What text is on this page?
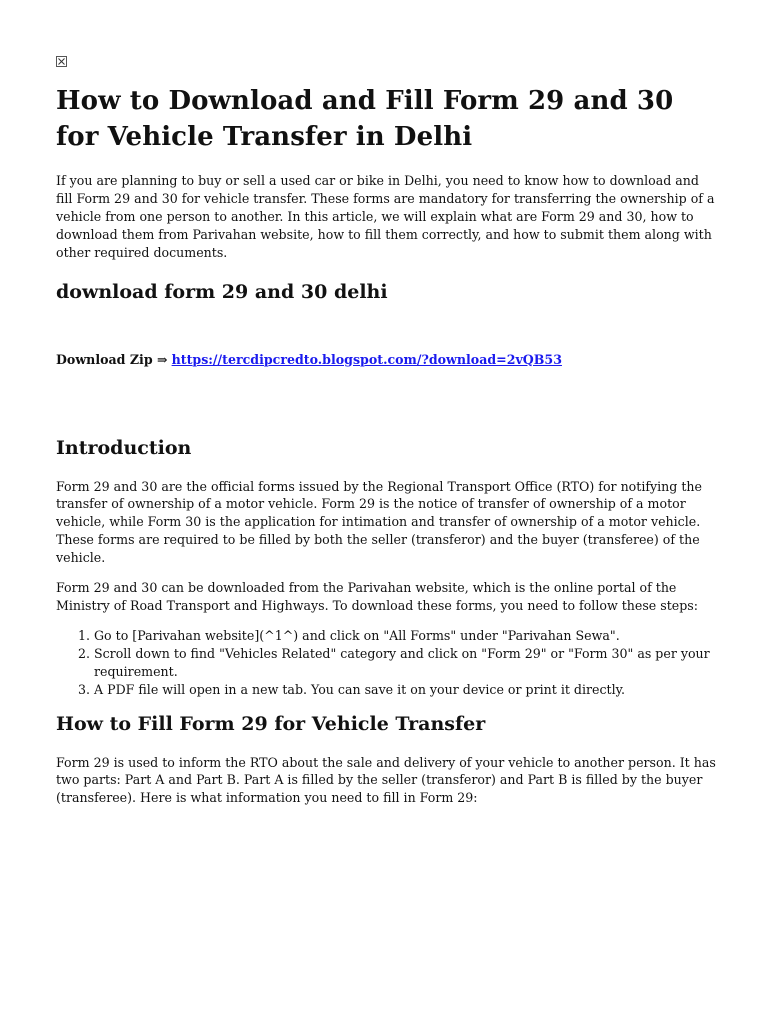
How to Download and Fill Form 29 and 30 for Vehicle Transfer in Delhi

If you are planning to buy or sell a used car or bike in Delhi, you need to know how to download and fill Form 29 and 30 for vehicle transfer. These forms are mandatory for transferring the ownership of a vehicle from one person to another. In this article, we will explain what are Form 29 and 30, how to download them from Parivahan website, how to fill them correctly, and how to submit them along with other required documents.

download form 29 and 30 delhi
Download Zip ⇒ https://tercdipcredto.blogspot.com/?download=2vQB53
Introduction

Form 29 and 30 are the official forms issued by the Regional Transport Office (RTO) for notifying the transfer of ownership of a motor vehicle. Form 29 is the notice of transfer of ownership of a motor vehicle, while Form 30 is the application for intimation and transfer of ownership of a motor vehicle. These forms are required to be filled by both the seller (transferor) and the buyer (transferee) of the vehicle.

Form 29 and 30 can be downloaded from the Parivahan website, which is the online portal of the Ministry of Road Transport and Highways. To download these forms, you need to follow these steps:

1. Go to [Parivahan website](^1^) and click on "All Forms" under "Parivahan Sewa".
2. Scroll down to find "Vehicles Related" category and click on "Form 29" or "Form 30" as per your requirement.
3. A PDF file will open in a new tab. You can save it on your device or print it directly.
How to Fill Form 29 for Vehicle Transfer

Form 29 is used to inform the RTO about the sale and delivery of your vehicle to another person. It has two parts: Part A and Part B. Part A is filled by the seller (transferor) and Part B is filled by the buyer (transferee). Here is what information you need to fill in Form 29:
